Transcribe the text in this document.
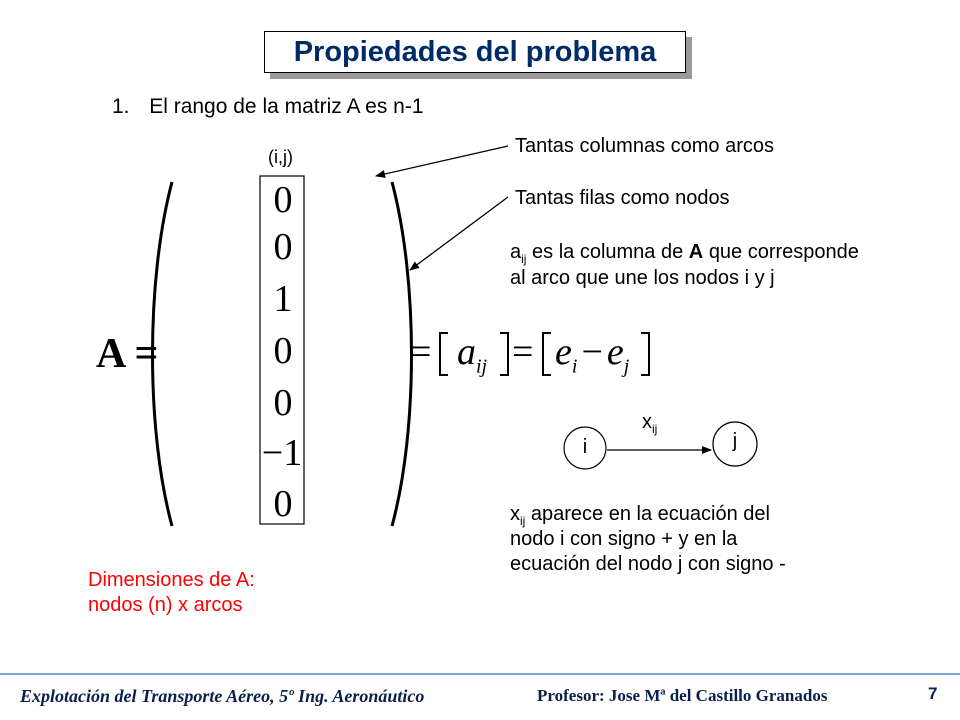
Propiedades del problema
1. El rango de la matriz A es n-1
(i,j)
A =
0
0
1
0
0
−1
0
= $a_{ij} = e_i - e_j$
Tantas columnas como arcos
Tantas filas como nodos
$a_{ij}$ es la columna de A que corresponde
al arco que une los nodos i y j
i	j
$x_{ij}$
$x_{ij}$ aparece en la ecuación del
nodo i con signo + y en la
ecuación del nodo j con signo -
Dimensiones de A:
nodos (n) x arcos
Explotación del Transporte Aéreo, 5º Ing. Aeronáutico	Profesor: Jose Mª del Castillo Granados	7
